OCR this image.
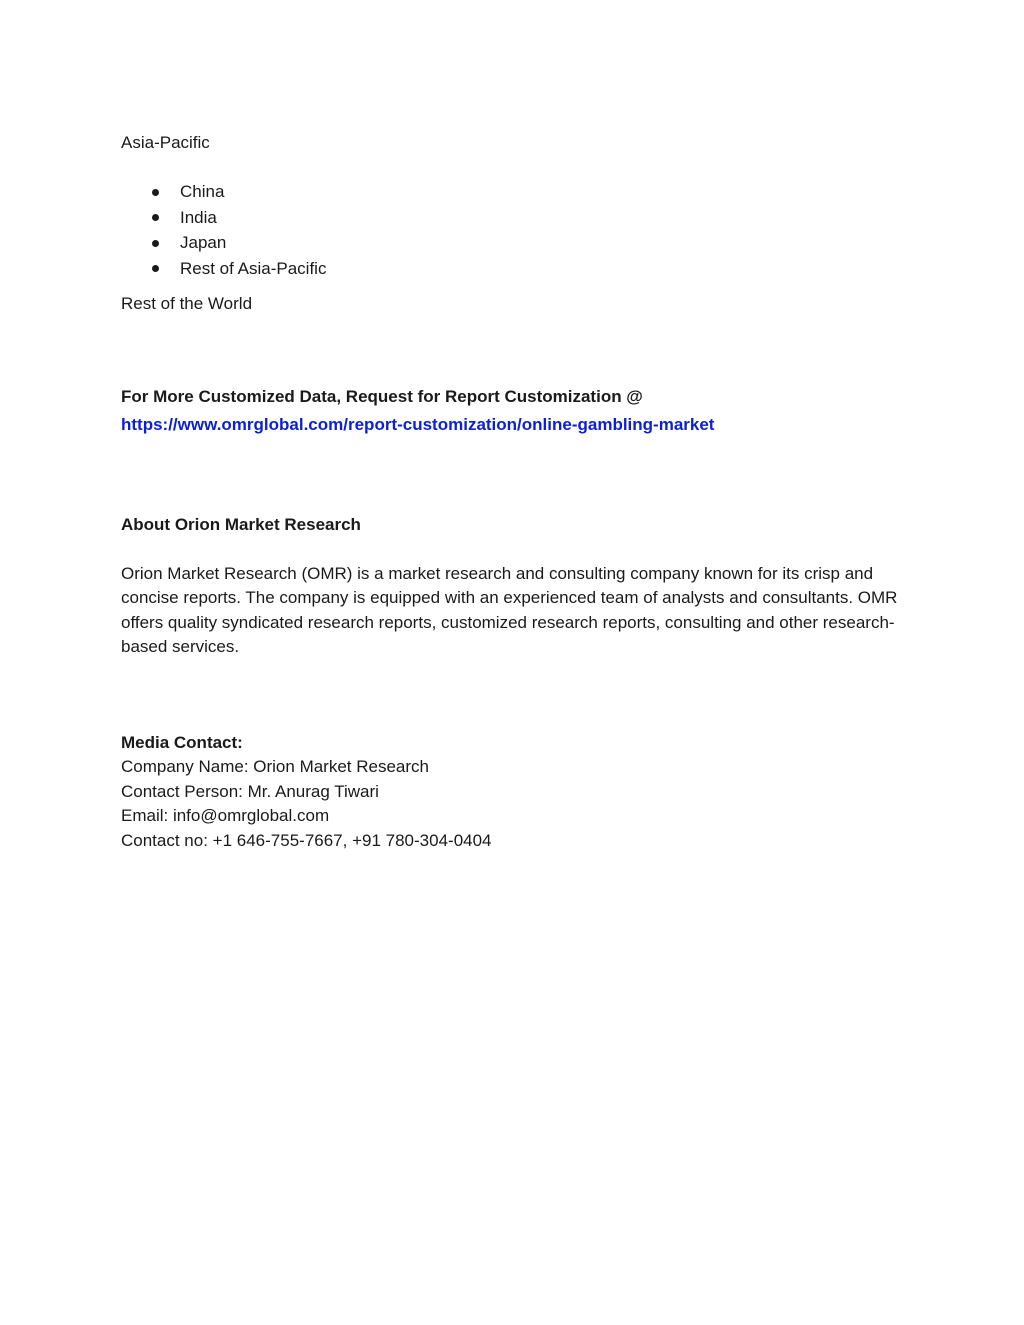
Asia-Pacific
China
India
Japan
Rest of Asia-Pacific
Rest of the World
For More Customized Data, Request for Report Customization @
https://www.omrglobal.com/report-customization/online-gambling-market
About Orion Market Research
Orion Market Research (OMR) is a market research and consulting company known for its crisp and concise reports. The company is equipped with an experienced team of analysts and consultants. OMR offers quality syndicated research reports, customized research reports, consulting and other research-based services.
Media Contact:
Company Name: Orion Market Research
Contact Person: Mr. Anurag Tiwari
Email: info@omrglobal.com
Contact no: +1 646-755-7667, +91 780-304-0404
